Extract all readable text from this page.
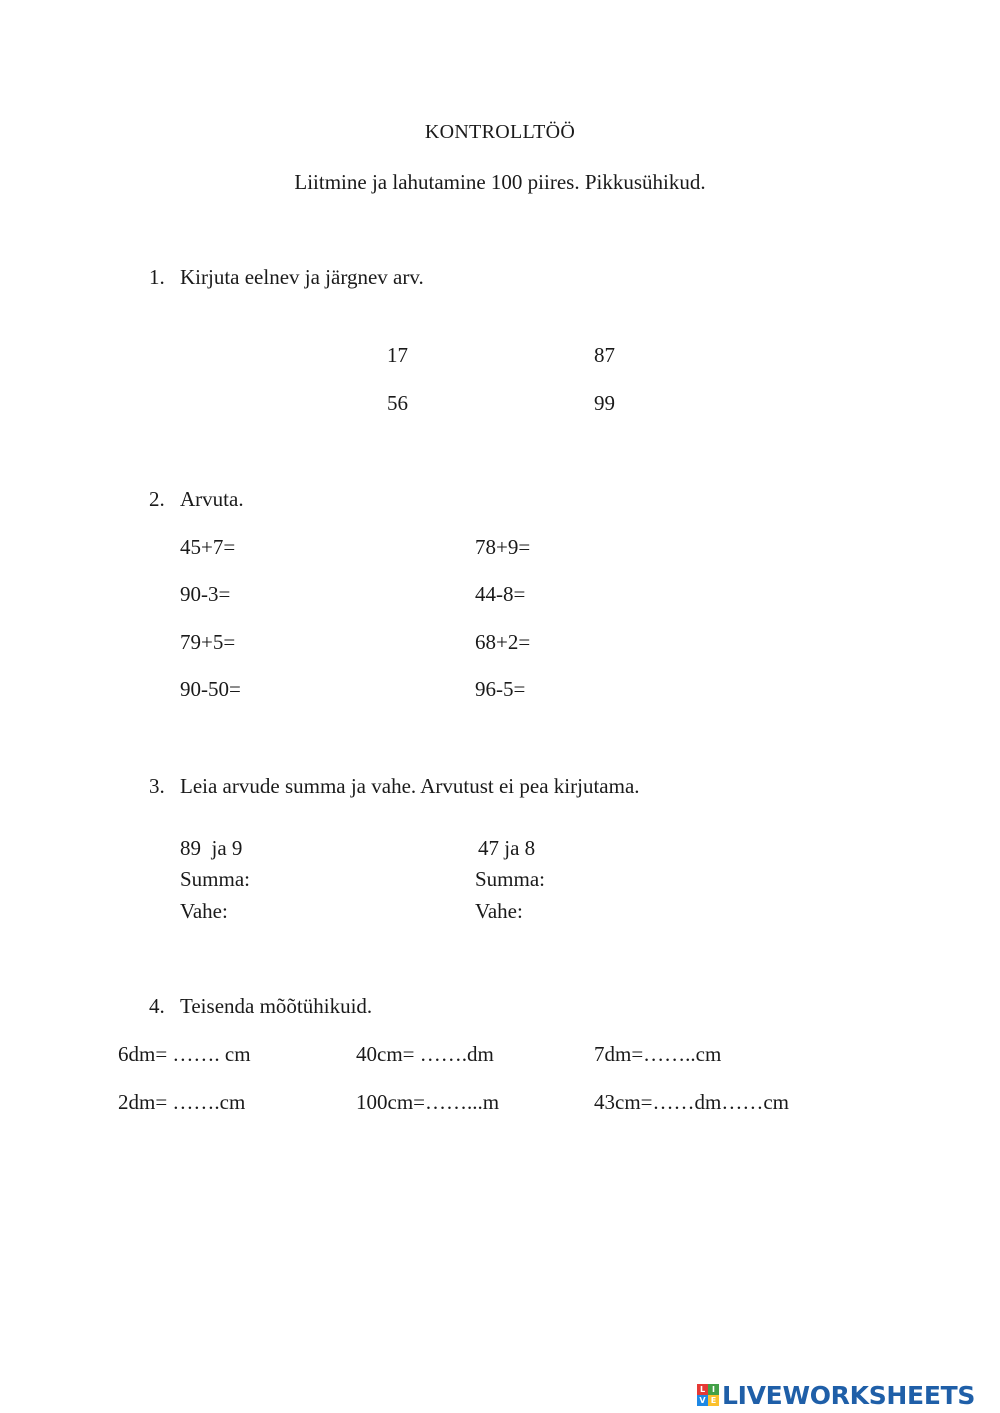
KONTROLLTÖÖ
Liitmine ja lahutamine 100 piires. Pikkusühikud.
1. Kirjuta eelnev ja järgnev arv.
17	87
56	99
2. Arvuta.
45+7=	78+9=
90-3=	44-8=
79+5=	68+2=
90-50=	96-5=
3. Leia arvude summa ja vahe. Arvutust ei pea kirjutama.
89  ja 9	47 ja 8
Summa:	Summa:
Vahe:	Vahe:
4. Teisenda mõõtühikuid.
6dm= ……. cm	40cm= …….dm	7dm=……..cm
2dm= …….cm	100cm=……...m	43cm=……dm……cm
L I
V E LIVEWORKSHEETS
